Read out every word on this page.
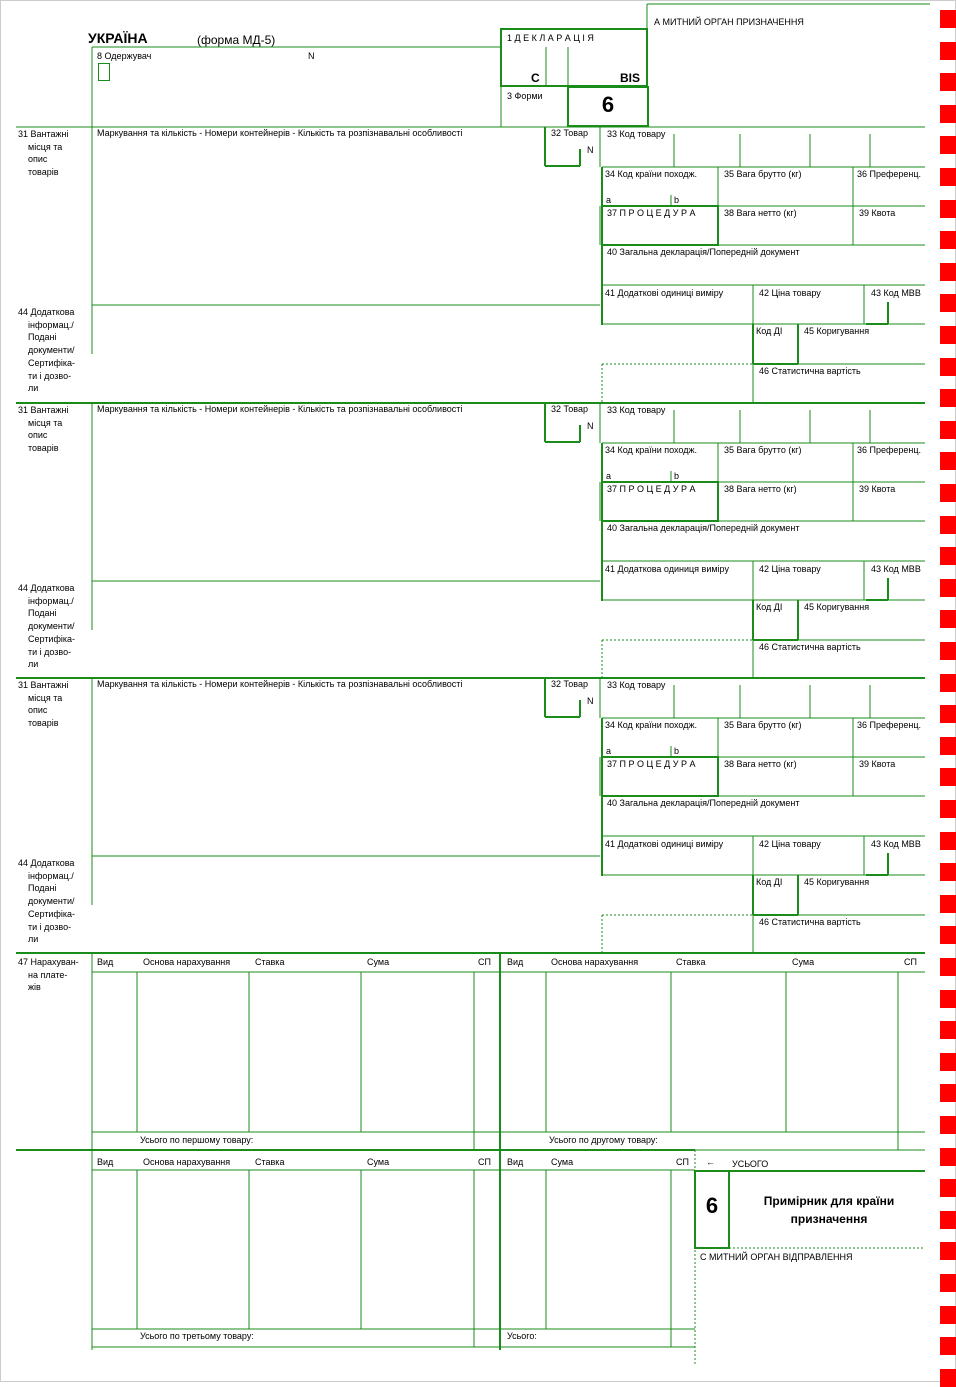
УКРАЇНА	(форма МД-5)
8 Одержувач	N
1 Д Е К Л А Р А Ц І Я
С	BIS
3 Форми	6
А МИТНИЙ ОРГАН ПРИЗНАЧЕННЯ
31 Вантажні
місця та
опис
товарів
Маркування та кількість - Номери контейнерів - Кількість та розпізнавальні особливості	32 Товар
N
33 Код товару
34 Код країни походж.
a	b
35 Вага брутто (кг)	36 Преференц.
37 П Р О Ц Е Д У Р А	38 Вага нетто (кг)	39 Квота
40 Загальна декларація/Попередній документ
41 Додаткові одиниці виміру	42 Ціна товару	43 Код МВВ
44 Додаткова
інформац./
Подані
документи/
Сертифіка-
ти і дозво-
ли
Код ДІ 45 Коригування
46 Статистична вартість
31 Вантажні
місця та
опис
товарів
Маркування та кількість - Номери контейнерів - Кількість та розпізнавальні особливості	32 Товар
N
33 Код товару
34 Код країни походж.
a	b
35 Вага брутто (кг)	36 Преференц.
37 П Р О Ц Е Д У Р А	38 Вага нетто (кг)	39 Квота
40 Загальна декларація/Попередній документ
41 Додаткова одиниця виміру	42 Ціна товару	43 Код МВВ
44 Додаткова
інформац./
Подані
документи/
Сертифіка-
ти і дозво-
ли
Код ДІ 45 Коригування
46 Статистична вартість
31 Вантажні
місця та
опис
товарів
Маркування та кількість - Номери контейнерів - Кількість та розпізнавальні особливості	32 Товар
N
33 Код товару
34 Код країни походж.
a	b
35 Вага брутто (кг)	36 Преференц.
37 П Р О Ц Е Д У Р А	38 Вага нетто (кг)	39 Квота
40 Загальна декларація/Попередній документ
41 Додаткові одиниці виміру	42 Ціна товару	43 Код МВВ
44 Додаткова
інформац./
Подані
документи/
Сертифіка-
ти і дозво-
ли
Код ДІ 45 Коригування
46 Статистична вартість
47 Нарахуван-
на плате-
жів
Вид	Основа нарахування	Ставка	Сума	СП Вид	Основа нарахування	Ставка	Сума	СП
Усього по першому товару:	Усього по другому товару:
Вид	Основа нарахування	Ставка	Сума	СП Вид	Сума	СП
Усього по третьому товару:	Усього:
← УСЬОГО
6	Примірник для країни призначення
С МИТНИЙ ОРГАН ВІДПРАВЛЕННЯ
